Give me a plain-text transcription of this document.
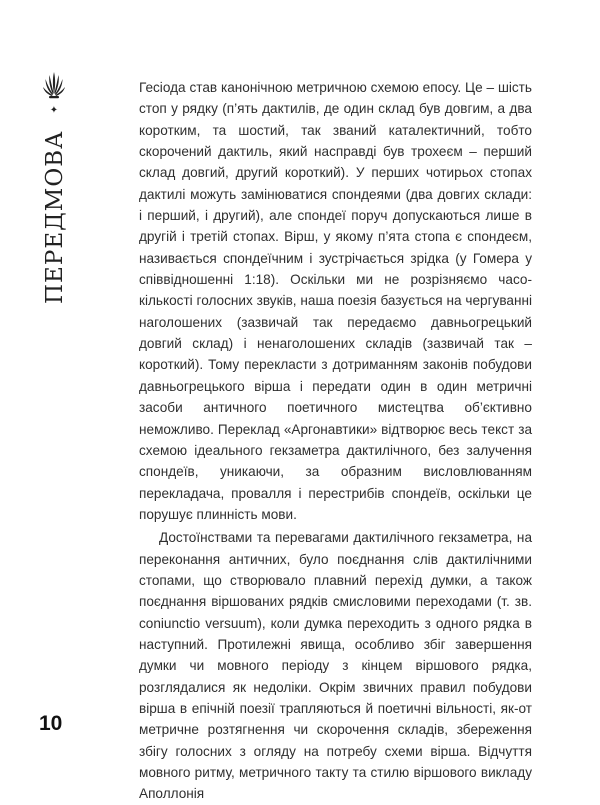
✦
ПЕРЕДМОВА

Гесіода став канонічною метричною схемою епосу. Це – шість стоп у рядку (п’ять дактилів, де один склад був довгим, а два коротким, та шостий, так званий каталектичний, тобто скорочений дактиль, який насправді був трохеєм – перший склад довгий, другий короткий). У перших чотирьох стопах дактилі можуть замінюватися спондеями (два довгих склади: і перший, і другий), але спондеї поруч допускаються лише в другій і третій стопах. Вірш, у якому п’ята стопа є спондеєм, називається спондеїчним і зустрічається зрідка (у Гомера у співвідношенні 1:18). Оскільки ми не розрізняємо часо-кількості голосних звуків, наша поезія базується на чергуванні наголошених (зазвичай так передаємо давньогрецький довгий склад) і ненаголошених складів (зазвичай так – короткий). Тому перекласти з дотриманням законів побудови давньогрецького вірша і передати один в один метричні засоби античного поетичного мистецтва об’єктивно неможливо. Переклад «Аргонавтики» відтворює весь текст за схемою ідеального гекзаметра дактилічного, без залучення спондеїв, уникаючи, за образним висловлюванням перекладача, провалля і перестрибів спондеїв, оскільки це порушує плинність мови.

Достоїнствами та перевагами дактилічного гекзаметра, на переконання античних, було поєднання слів дактилічними стопами, що створювало плавний перехід думки, а також поєднання віршованих рядків смисловими переходами (т. зв. coniunctio versuum), коли думка переходить з одного рядка в наступний. Протилежні явища, особливо збіг завершення думки чи мовного періоду з кінцем віршового рядка, розглядалися як недоліки. Окрім звичних правил побудови вірша в епічній поезії трапляються й поетичні вільності, як-от метричне розтягнення чи скорочення складів, збереження збігу голосних з огляду на потребу схеми вірша. Відчуття мовного ритму, метричного такту та стилю віршового викладу Аполлонія

10
